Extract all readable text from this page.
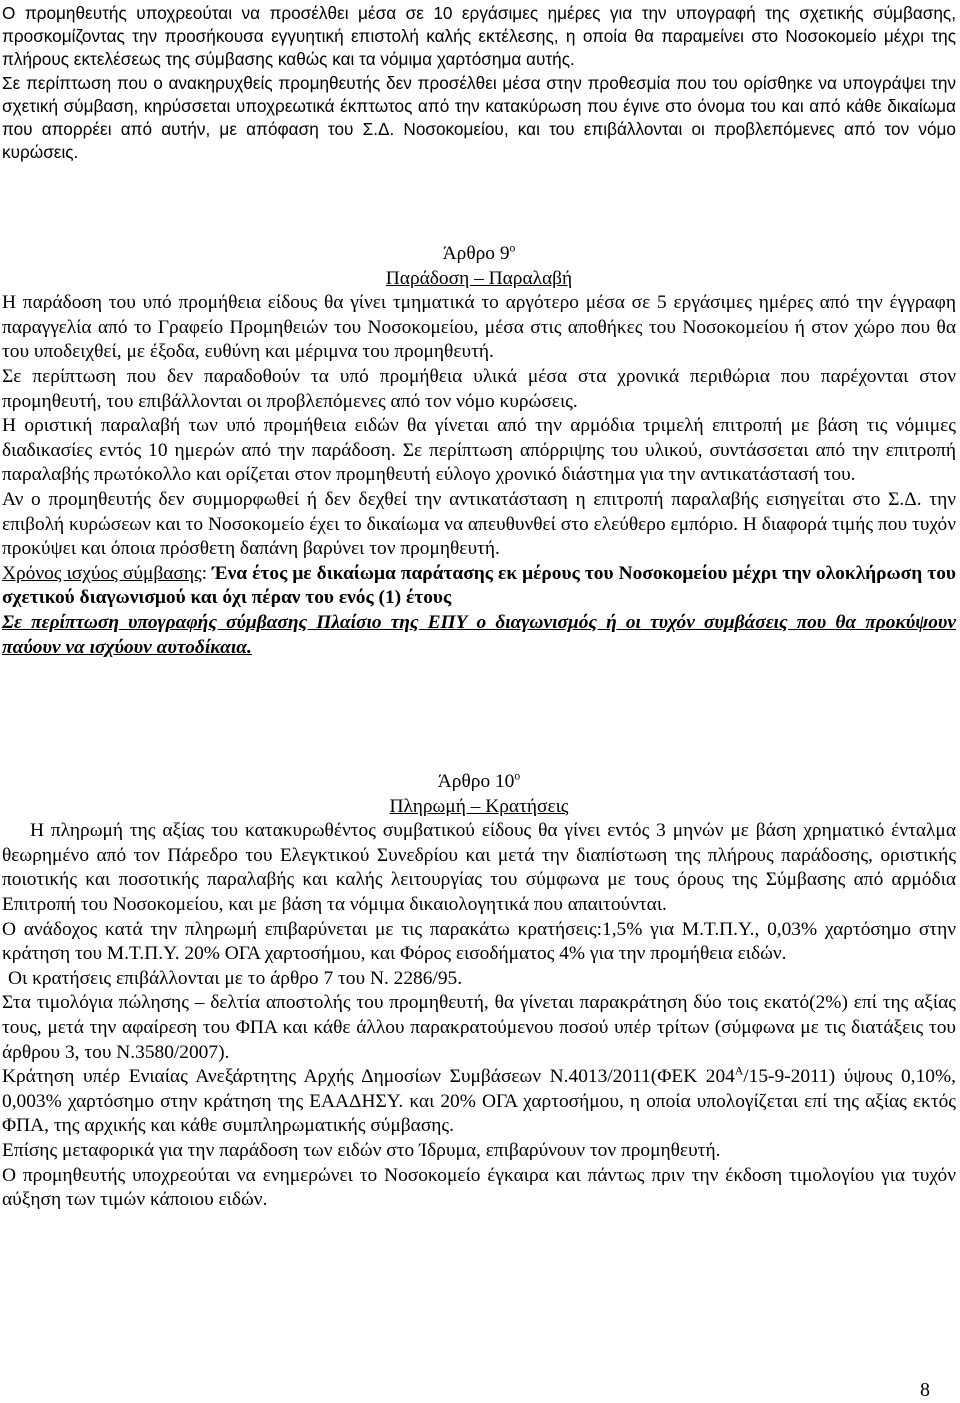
Ο προμηθευτής υποχρεούται να προσέλθει μέσα σε 10 εργάσιμες ημέρες για την υπογραφή της σχετικής σύμβασης, προσκομίζοντας την προσήκουσα εγγυητική επιστολή καλής εκτέλεσης, η οποία θα παραμείνει στο Νοσοκομείο μέχρι της πλήρους εκτελέσεως της σύμβασης καθώς και τα νόμιμα χαρτόσημα αυτής.

Σε περίπτωση που ο ανακηρυχθείς προμηθευτής δεν προσέλθει μέσα στην προθεσμία που του ορίσθηκε να υπογράψει την σχετική σύμβαση, κηρύσσεται υποχρεωτικά έκπτωτος από την κατακύρωση που έγινε στο όνομα του και από κάθε δικαίωμα που απορρέει από αυτήν, με απόφαση του Σ.Δ. Νοσοκομείου, και του επιβάλλονται οι προβλεπόμενες από τον νόμο κυρώσεις.

Άρθρο $9^o$

Παράδοση – Παραλαβή

Η παράδοση του υπό προμήθεια είδους θα γίνει τμηματικά το αργότερο μέσα σε 5 εργάσιμες ημέρες από την έγγραφη παραγγελία από το Γραφείο Προμηθειών του Νοσοκομείου, μέσα στις αποθήκες του Νοσοκομείου ή στον χώρο που θα του υποδειχθεί, με έξοδα, ευθύνη και μέριμνα του προμηθευτή.

Σε περίπτωση που δεν παραδοθούν τα υπό προμήθεια υλικά μέσα στα χρονικά περιθώρια που παρέχονται στον προμηθευτή, του επιβάλλονται οι προβλεπόμενες από τον νόμο κυρώσεις.

Η οριστική παραλαβή των υπό προμήθεια ειδών θα γίνεται από την αρμόδια τριμελή επιτροπή με βάση τις νόμιμες διαδικασίες εντός 10 ημερών από την παράδοση. Σε περίπτωση απόρριψης του υλικού, συντάσσεται από την επιτροπή παραλαβής πρωτόκολλο και ορίζεται στον προμηθευτή εύλογο χρονικό διάστημα για την αντικατάστασή του.

Αν ο προμηθευτής δεν συμμορφωθεί ή δεν δεχθεί την αντικατάσταση η επιτροπή παραλαβής εισηγείται στο Σ.Δ. την επιβολή κυρώσεων και το Νοσοκομείο έχει το δικαίωμα να απευθυνθεί στο ελεύθερο εμπόριο. Η διαφορά τιμής που τυχόν προκύψει και όποια πρόσθετη δαπάνη βαρύνει τον προμηθευτή.

Χρόνος ισχύος σύμβασης: Ένα έτος με δικαίωμα παράτασης εκ μέρους του Νοσοκομείου μέχρι την ολοκλήρωση του σχετικού διαγωνισμού και όχι πέραν του ενός (1) έτους

Σε περίπτωση υπογραφής σύμβασης Πλαίσιο της ΕΠΥ ο διαγωνισμός ή οι τυχόν συμβάσεις που θα προκύψουν παύουν να ισχύουν αυτοδίκαια.

Άρθρο $10^o$

Πληρωμή – Κρατήσεις

Η πληρωμή της αξίας του κατακυρωθέντος συμβατικού είδους θα γίνει εντός 3 μηνών με βάση χρηματικό ένταλμα θεωρημένο από τον Πάρεδρο του Ελεγκτικού Συνεδρίου και μετά την διαπίστωση της πλήρους παράδοσης, οριστικής ποιοτικής και ποσοτικής παραλαβής και καλής λειτουργίας του σύμφωνα με τους όρους της Σύμβασης από αρμόδια Επιτροπή του Νοσοκομείου, και με βάση τα νόμιμα δικαιολογητικά που απαιτούνται.

Ο ανάδοχος κατά την πληρωμή επιβαρύνεται με τις παρακάτω κρατήσεις:1,5% για Μ.Τ.Π.Υ., 0,03% χαρτόσημο στην κράτηση του Μ.Τ.Π.Υ. 20% ΟΓΑ χαρτοσήμου, και Φόρος εισοδήματος 4% για την προμήθεια ειδών.

Οι κρατήσεις επιβάλλονται με το άρθρο 7 του Ν. 2286/95.

Στα τιμολόγια πώλησης – δελτία αποστολής του προμηθευτή, θα γίνεται παρακράτηση δύο τοις εκατό(2%) επί της αξίας τους, μετά την αφαίρεση του ΦΠΑ και κάθε άλλου παρακρατούμενου ποσού υπέρ τρίτων (σύμφωνα με τις διατάξεις του άρθρου 3, του Ν.3580/2007).

Κράτηση υπέρ Ενιαίας Ανεξάρτητης Αρχής Δημοσίων Συμβάσεων Ν.4013/2011(ΦΕΚ $204^A/15-9-2011$) ύψους 0,10%, 0,003% χαρτόσημο στην κράτηση της ΕΑΑΔΗΣΥ. και 20% ΟΓΑ χαρτοσήμου, η οποία υπολογίζεται επί της αξίας εκτός ΦΠΑ, της αρχικής και κάθε συμπληρωματικής σύμβασης.

Επίσης μεταφορικά για την παράδοση των ειδών στο Ίδρυμα, επιβαρύνουν τον προμηθευτή.

Ο προμηθευτής υποχρεούται να ενημερώνει το Νοσοκομείο έγκαιρα και πάντως πριν την έκδοση τιμολογίου για τυχόν αύξηση των τιμών κάποιου ειδών.

8
